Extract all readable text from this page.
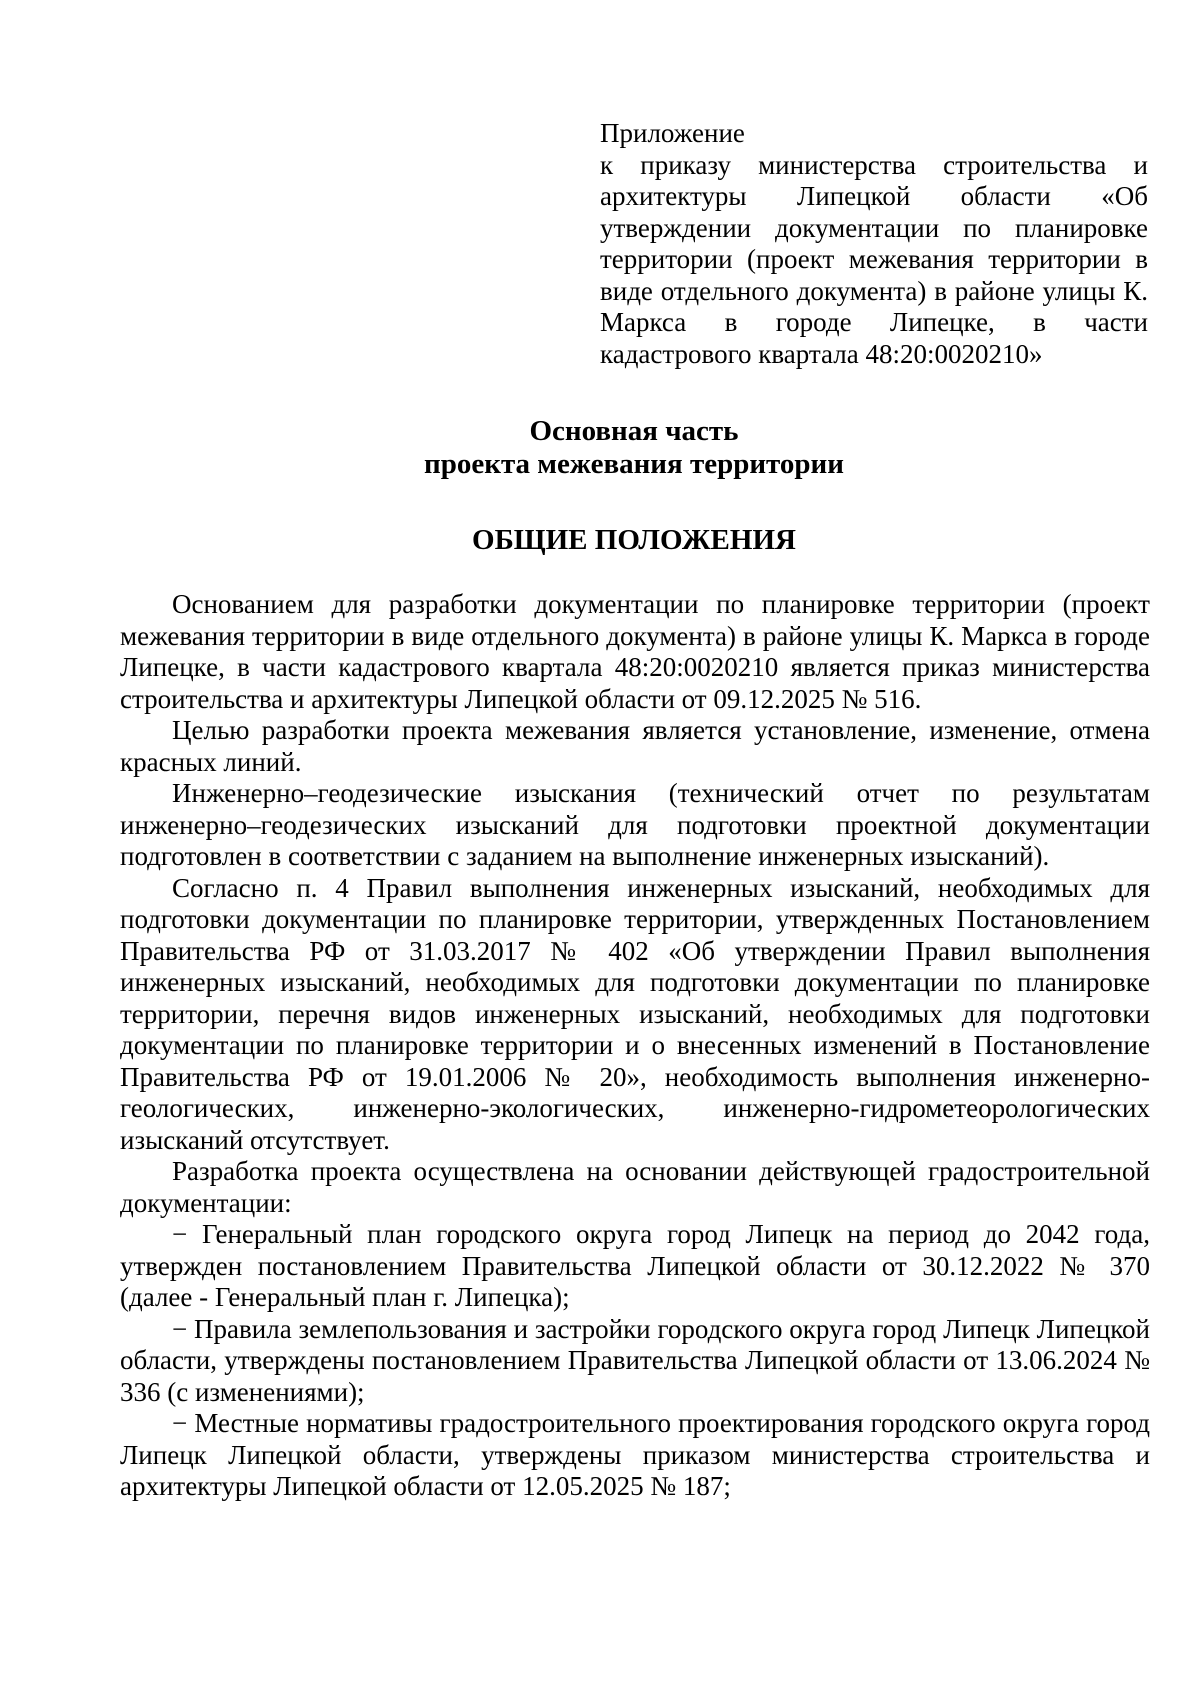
Приложение
к приказу министерства строительства и архитектуры Липецкой области «Об утверждении документации по планировке территории (проект межевания территории в виде отдельного документа) в районе улицы К. Маркса в городе Липецке, в части кадастрового квартала 48:20:0020210»
Основная часть
проекта межевания территории
ОБЩИЕ ПОЛОЖЕНИЯ

Основанием для разработки документации по планировке территории (проект межевания территории в виде отдельного документа) в районе улицы К. Маркса в городе Липецке, в части кадастрового квартала 48:20:0020210 является приказ министерства строительства и архитектуры Липецкой области от 09.12.2025 № 516.

Целью разработки проекта межевания является установление, изменение, отмена красных линий.

Инженерно–геодезические изыскания (технический отчет по результатам инженерно–геодезических изысканий для подготовки проектной документации подготовлен в соответствии с заданием на выполнение инженерных изысканий).

Согласно п. 4 Правил выполнения инженерных изысканий, необходимых для подготовки документации по планировке территории, утвержденных Постановлением Правительства РФ от 31.03.2017 № 402 «Об утверждении Правил выполнения инженерных изысканий, необходимых для подготовки документации по планировке территории, перечня видов инженерных изысканий, необходимых для подготовки документации по планировке территории и о внесенных изменений в Постановление Правительства РФ от 19.01.2006 № 20», необходимость выполнения инженерно-геологических, инженерно-экологических, инженерно-гидрометеорологических изысканий отсутствует.

Разработка проекта осуществлена на основании действующей градостроительной документации:

− Генеральный план городского округа город Липецк на период до 2042 года, утвержден постановлением Правительства Липецкой области от 30.12.2022 № 370 (далее - Генеральный план г. Липецка);

− Правила землепользования и застройки городского округа город Липецк Липецкой области, утверждены постановлением Правительства Липецкой области от 13.06.2024 № 336 (с изменениями);

− Местные нормативы градостроительного проектирования городского округа город Липецк Липецкой области, утверждены приказом министерства строительства и архитектуры Липецкой области от 12.05.2025 № 187;
